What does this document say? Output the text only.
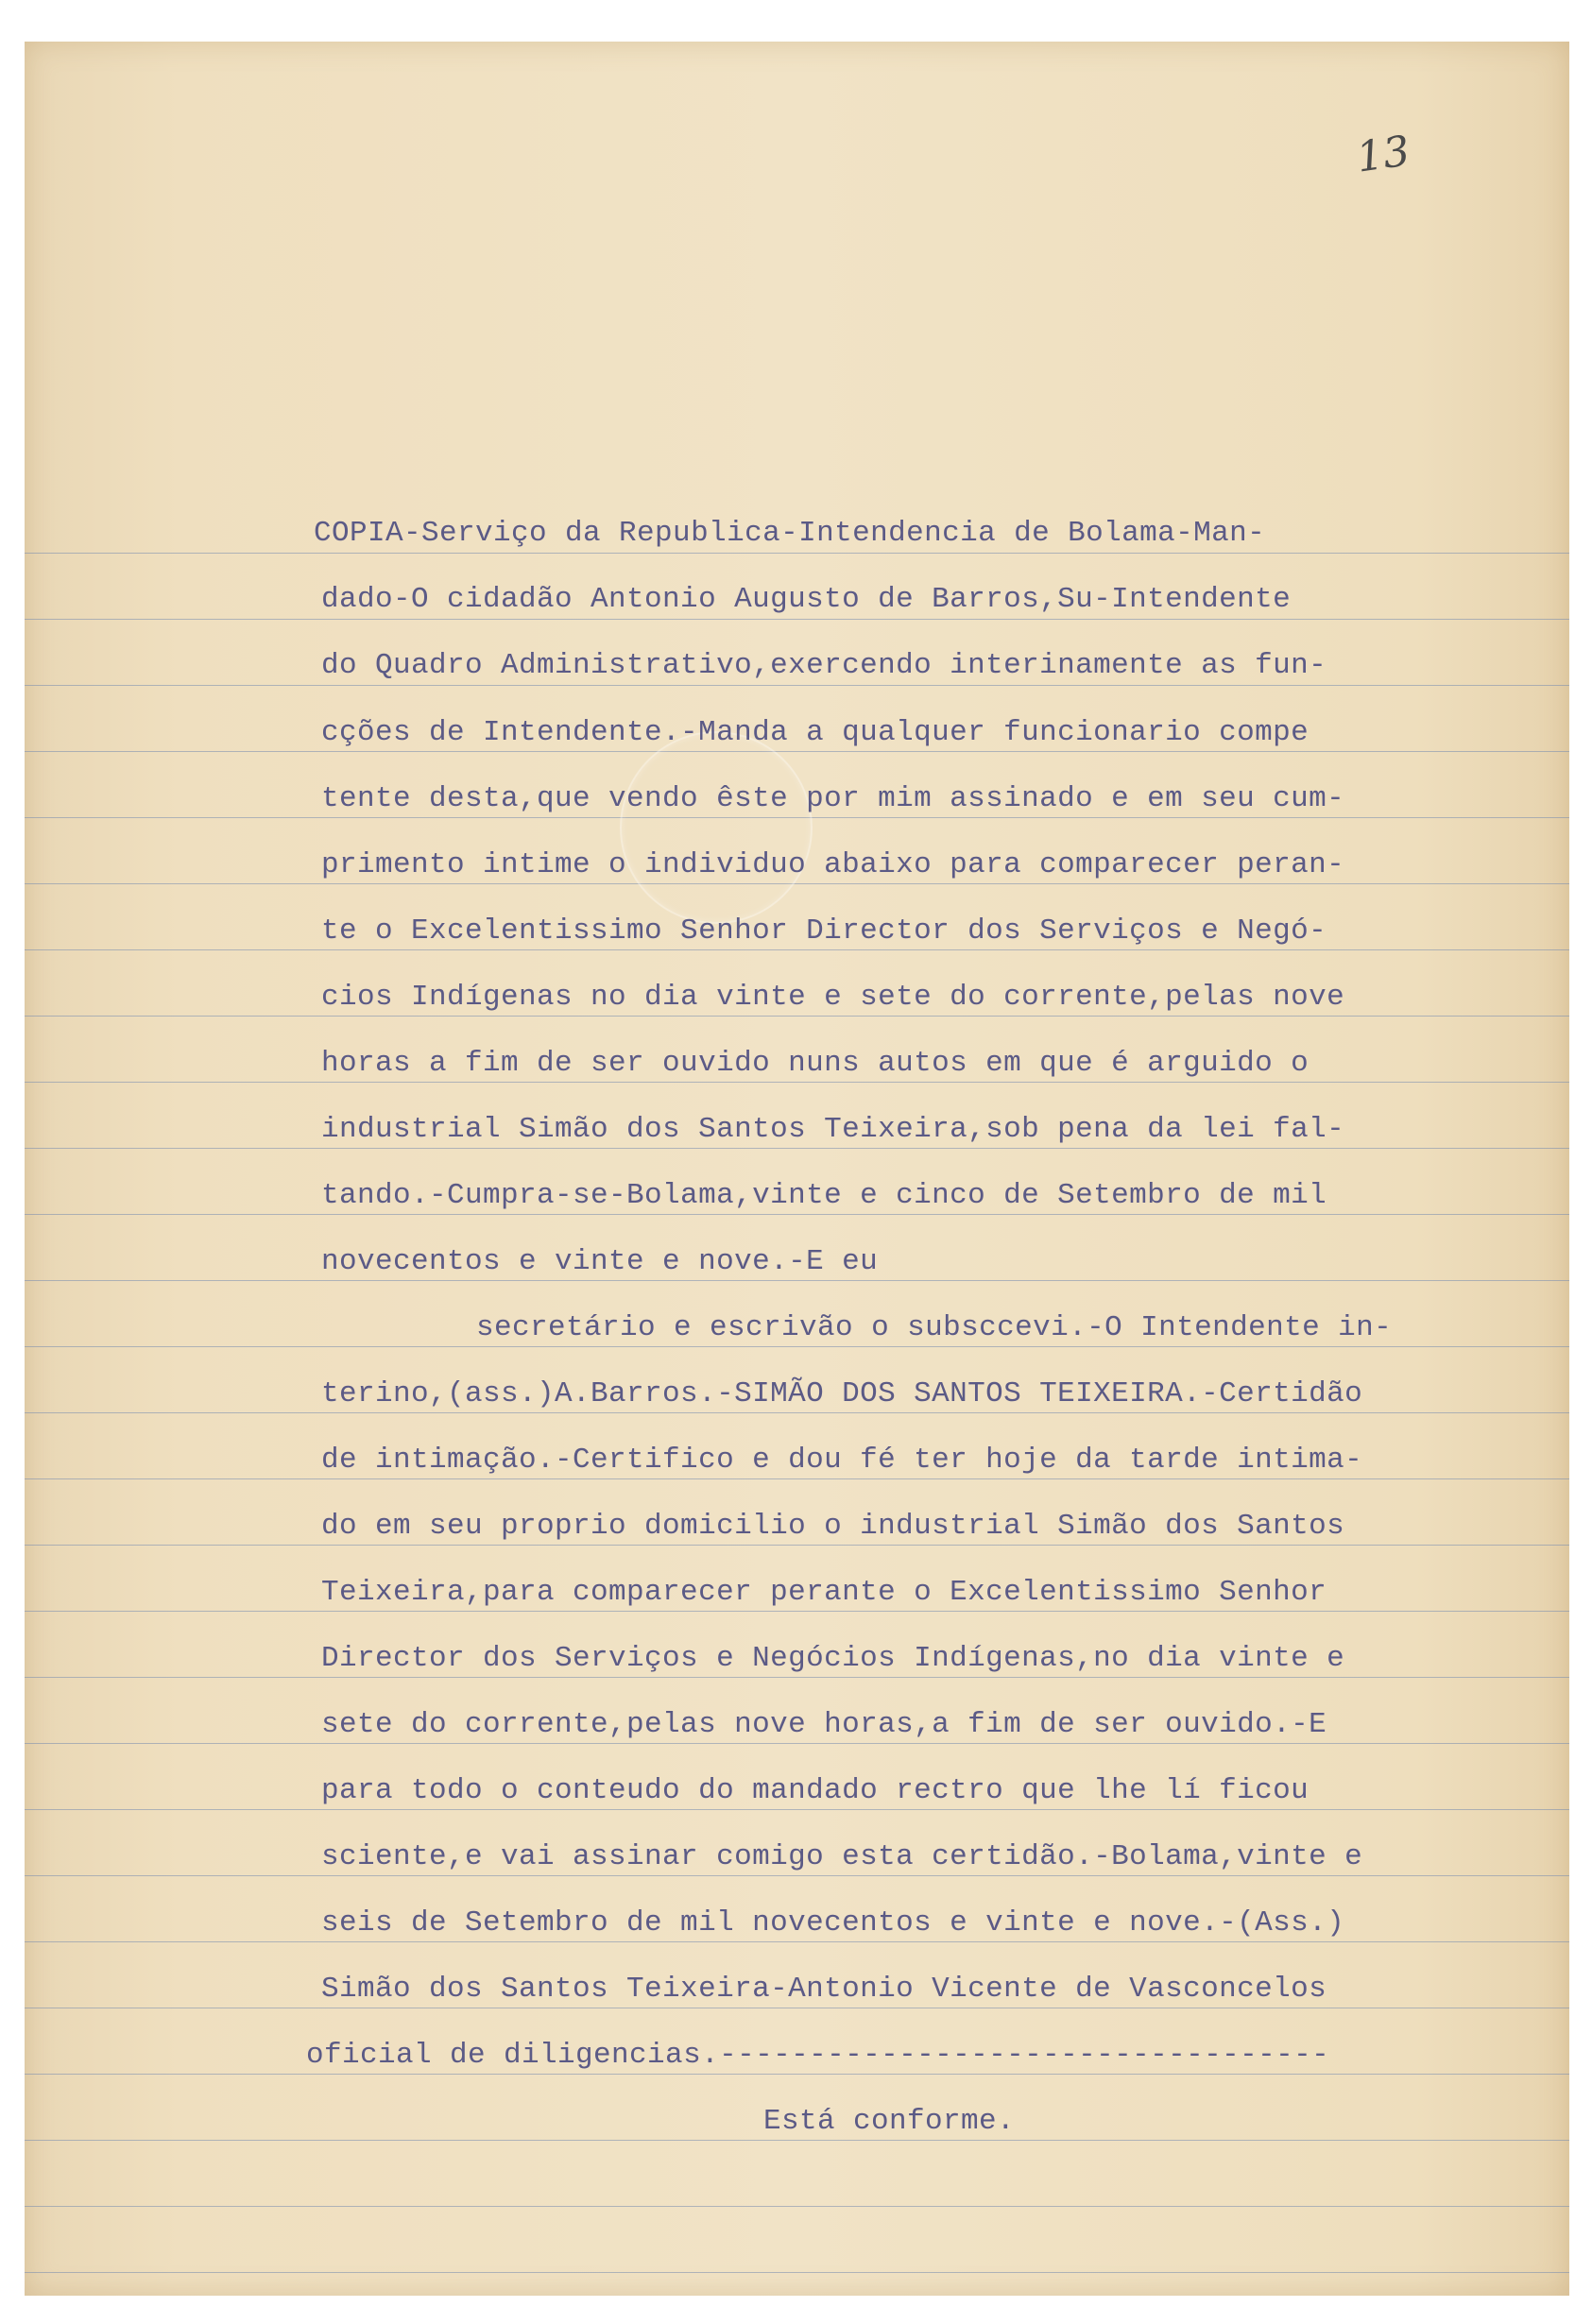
13
COPIA-Serviço da Republica-Intendencia de Bolama-Man-
dado-O cidadão Antonio Augusto de Barros,Su-Intendente
do Quadro Administrativo,exercendo interinamente as fun-
cções de Intendente.-Manda a qualquer funcionario compe
tente desta,que vendo êste por mim assinado e em seu cum-
primento intime o individuo abaixo para comparecer peran-
te o Excelentissimo Senhor Director dos Serviços e Negó-
cios Indígenas no dia vinte e sete do corrente,pelas nove
horas a fim de ser ouvido nuns autos em que é arguido o
industrial Simão dos Santos Teixeira,sob pena da lei fal-
tando.-Cumpra-se-Bolama,vinte e cinco de Setembro de mil
novecentos e vinte e nove.-E eu
secretário e escrivão o subsccevi.-O Intendente in-
terino,(ass.)A.Barros.-SIMÃO DOS SANTOS TEIXEIRA.-Certidão
de intimação.-Certifico e dou fé ter hoje da tarde intima-
do em seu proprio domicilio o industrial Simão dos Santos
Teixeira,para comparecer perante o Excelentissimo Senhor
Director dos Serviços e Negócios Indígenas,no dia vinte e
sete do corrente,pelas nove horas,a fim de ser ouvido.-E
para todo o conteudo do mandado rectro que lhe lí ficou
sciente,e vai assinar comigo esta certidão.-Bolama,vinte e
seis de Setembro de mil novecentos e vinte e nove.-(Ass.)
Simão dos Santos Teixeira-Antonio Vicente de Vasconcelos
oficial de diligencias.----------------------------------
Está conforme.
